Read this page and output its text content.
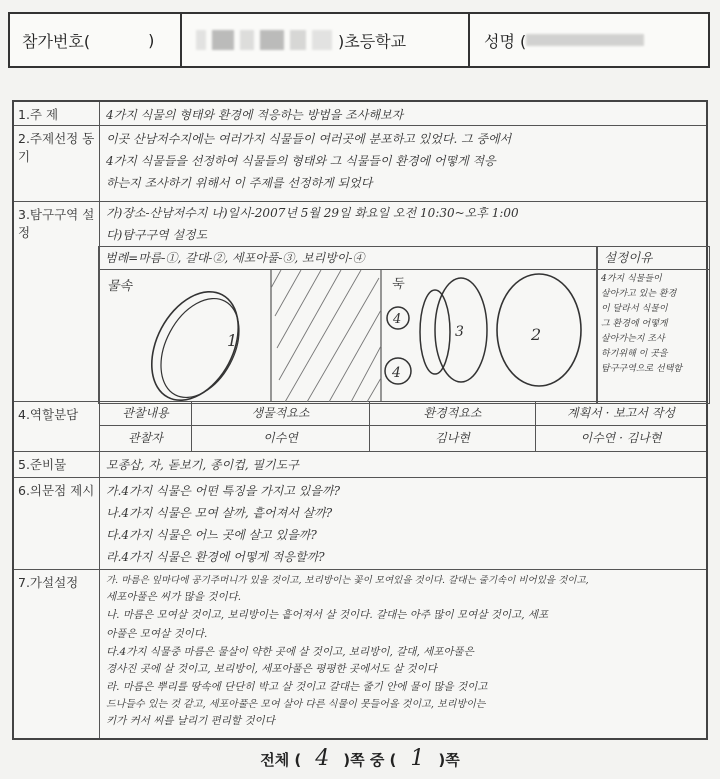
참가번호(	)	)초등학교	성명 (
1.주 제	4가지 식물의 형태와 환경에 적응하는 방법을 조사해보자
2.주제선정 동기
이곳 산남저수지에는 여러가지 식물들이 여러곳에 분포하고 있었다. 그 중에서
4가지 식물들을 선정하여 식물들의 형태와 그 식물들이 환경에 어떻게 적응
하는지 조사하기 위해서 이 주제를 선정하게 되었다
3.탐구구역 설정
가)장소-산남저수지 나)일시-2007년 5월 29일 화요일 오전 10:30~오후 1:00
다)탐구구역 설정도
범례=마름-①, 갈대-②, 세포아풀-③, 보리방이-④
물속	둑
1
4
4
3	2
설정이유
4가지 식물들이
살아가고 있는 환경
이 달라서 식물이
그 환경에 어떻게
살아가는지 조사
하기위해 이 곳을
탐구구역으로 선택함
4.역할분담	관찰내용	생물적요소	환경적요소	계획서 · 보고서 작성
관찰자	이수연	김나현	이수연 · 김나현
5.준비물	모종삽, 자, 돋보기, 종이컵, 필기도구
6.의문점 제시 가.4가지 식물은 어떤 특징을 가지고 있을까?
나.4가지 식물은 모여 살까, 흩어져서 살까?
다.4가지 식물은 어느 곳에 살고 있을까?
라.4가지 식물은 환경에 어떻게 적응할까?
7.가설설정	가. 마름은 잎마다에 공기주머니가 있을 것이고, 보리방이는 꽃이 모여있을 것이다. 갈대는 줄기속이 비어있을 것이고,
세포아풀은 씨가 많을 것이다.
나. 마름은 모여살 것이고, 보리방이는 흩어져서 살 것이다. 갈대는 아주 많이 모여살 것이고, 세포
아풀은 모여살 것이다.
다.4가지 식물중 마름은 물살이 약한 곳에 살 것이고, 보리방이, 갈대, 세포아풀은
경사진 곳에 살 것이고, 보리방이, 세포아풀은 평평한 곳에서도 살 것이다
라. 마름은 뿌리를 땅속에 단단히 박고 살 것이고 갈대는 줄기 안에 물이 많을 것이고
드나들수 있는 것 같고, 세포아풀은 모여 살아 다른 식물이 못들어올 것이고, 보리방이는
키가 커서 씨를 날리기 편리할 것이다
전체 ( 4 )쪽 중 ( 1 )쪽
